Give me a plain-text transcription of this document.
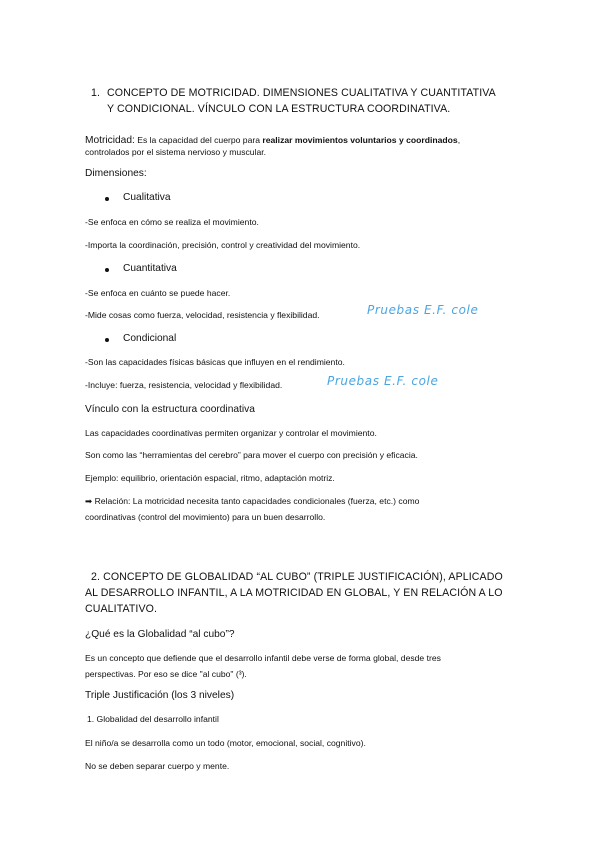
1. CONCEPTO DE MOTRICIDAD. DIMENSIONES CUALITATIVA Y CUANTITATIVA
Y CONDICIONAL. VÍNCULO CON LA ESTRUCTURA COORDINATIVA.
Motricidad: Es la capacidad del cuerpo para realizar movimientos voluntarios y coordinados,
controlados por el sistema nervioso y muscular.
Dimensiones:
Cualitativa
-Se enfoca en cómo se realiza el movimiento.
-Importa la coordinación, precisión, control y creatividad del movimiento.
Cuantitativa
-Se enfoca en cuánto se puede hacer.
-Mide cosas como fuerza, velocidad, resistencia y flexibilidad.	Pruebas E.F. cole
Condicional
-Son las capacidades físicas básicas que influyen en el rendimiento.
-Incluye: fuerza, resistencia, velocidad y flexibilidad.	Pruebas E.F. cole
Vínculo con la estructura coordinativa
Las capacidades coordinativas permiten organizar y controlar el movimiento.
Son como las “herramientas del cerebro” para mover el cuerpo con precisión y eficacia.
Ejemplo: equilibrio, orientación espacial, ritmo, adaptación motriz.
➡ Relación: La motricidad necesita tanto capacidades condicionales (fuerza, etc.) como
coordinativas (control del movimiento) para un buen desarrollo.
2. CONCEPTO DE GLOBALIDAD “AL CUBO” (TRIPLE JUSTIFICACIÓN), APLICADO
AL DESARROLLO INFANTIL, A LA MOTRICIDAD EN GLOBAL, Y EN RELACIÓN A LO
CUALITATIVO.
¿Qué es la Globalidad “al cubo”?
Es un concepto que defiende que el desarrollo infantil debe verse de forma global, desde tres
perspectivas. Por eso se dice "al cubo" (³).
Triple Justificación (los 3 niveles)
1. Globalidad del desarrollo infantil
El niño/a se desarrolla como un todo (motor, emocional, social, cognitivo).
No se deben separar cuerpo y mente.
